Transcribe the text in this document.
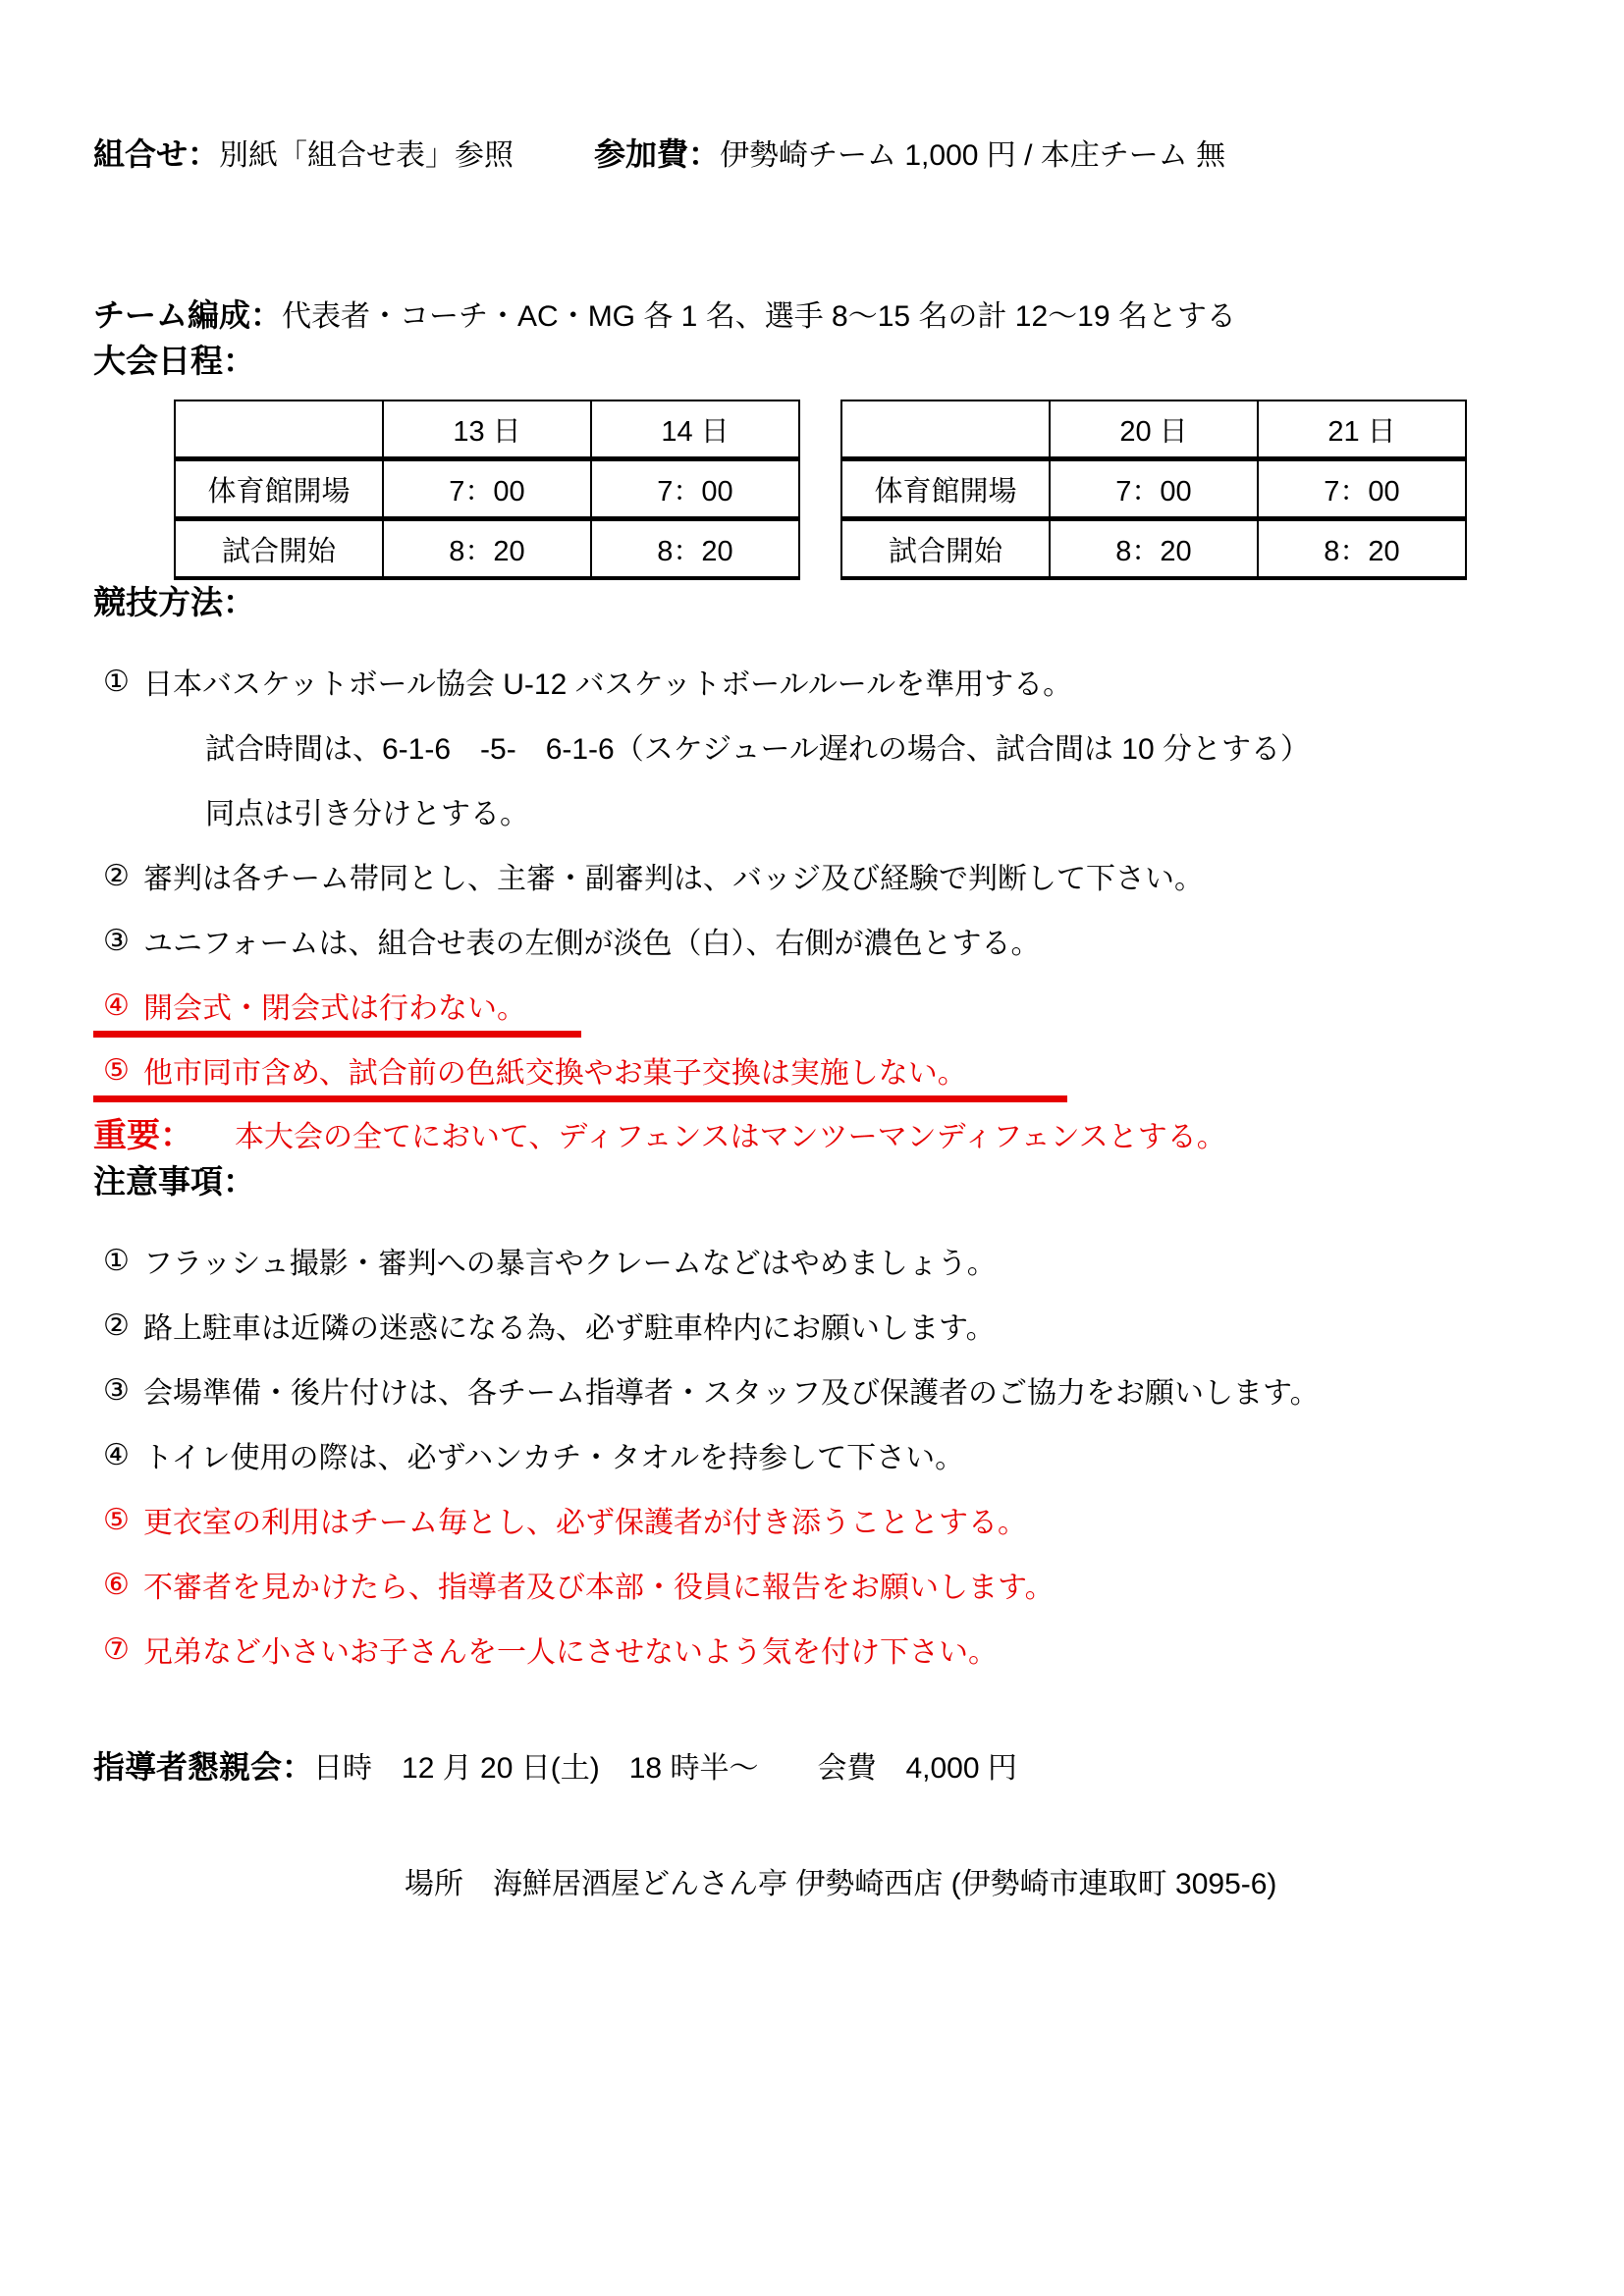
組合せ： 別紙「組合せ表」参照	参加費： 伊勢崎チーム 1,000 円 / 本庄チーム 無
チーム編成： 代表者・コーチ・AC・MG 各 1 名、選手 8～15 名の計 12～19 名とする
大会日程：
	13 日	14 日
体育館開場	7：00	7：00
試合開始	8：20	8：20
	20 日	21 日
体育館開場	7：00	7：00
試合開始	8：20	8：20
競技方法：
① 日本バスケットボール協会 U-12 バスケットボールルールを準用する。
試合時間は、6-1-6　-5-　6-1-6（スケジュール遅れの場合、試合間は 10 分とする）
同点は引き分けとする。
② 審判は各チーム帯同とし、主審・副審判は、バッジ及び経験で判断して下さい。
③ ユニフォームは、組合せ表の左側が淡色（白）、右側が濃色とする。
④ 開会式・閉会式は行わない。
⑤ 他市同市含め、試合前の色紙交換やお菓子交換は実施しない。
重要： 本大会の全てにおいて、ディフェンスはマンツーマンディフェンスとする。
注意事項：
① フラッシュ撮影・審判への暴言やクレームなどはやめましょう。
② 路上駐車は近隣の迷惑になる為、必ず駐車枠内にお願いします。
③ 会場準備・後片付けは、各チーム指導者・スタッフ及び保護者のご協力をお願いします。
④ トイレ使用の際は、必ずハンカチ・タオルを持参して下さい。
⑤ 更衣室の利用はチーム毎とし、必ず保護者が付き添うこととする。
⑥ 不審者を見かけたら、指導者及び本部・役員に報告をお願いします。
⑦ 兄弟など小さいお子さんを一人にさせないよう気を付け下さい。
指導者懇親会： 日時　12 月 20 日(土)　18 時半～　　会費　4,000 円

場所　海鮮居酒屋どんさん亭 伊勢崎西店 (伊勢崎市連取町 3095-6)
